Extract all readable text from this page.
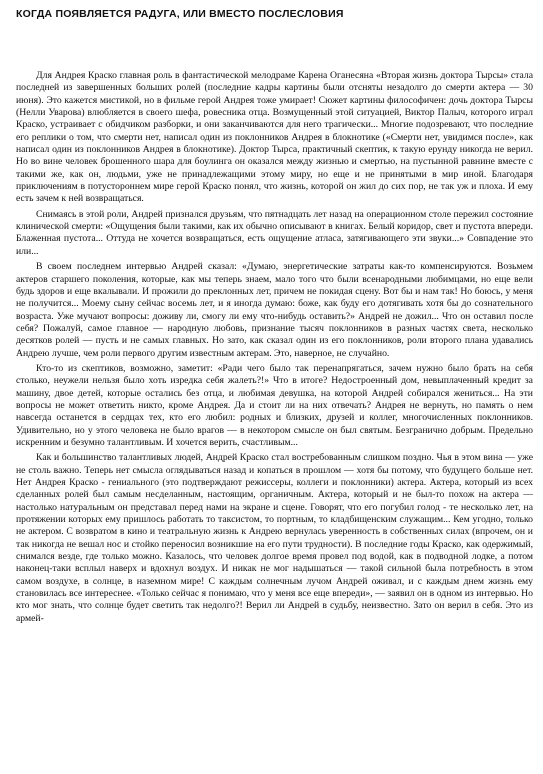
КОГДА ПОЯВЛЯЕТСЯ РАДУГА, ИЛИ ВМЕСТО ПОСЛЕСЛОВИЯ

Для Андрея Краско главная роль в фантастической мелодраме Карена Оганесяна «Вторая жизнь доктора Тырсы» стала последней из завершенных больших ролей (последние кадры картины были отсняты незадолго до смерти актера — 30 июня). Это кажется мистикой, но в фильме герой Андрея тоже умирает! Сюжет картины философичен: дочь доктора Тырсы (Нелли Уварова) влюбляется в своего шефа, ровесника отца. Возмущенный этой ситуацией, Виктор Палыч, которого играл Краско, устраивает с обидчиком разборки, и они заканчиваются для него трагически... Многие подозревают, что последние его реплики о том, что смерти нет, написал один из поклонников Андрея в блокнотике («Смерти нет, увидимся после», как написал один из поклонников Андрея в блокнотике). Доктор Тырса, практичный скептик, к такую ерунду никогда не верил. Но во вине человек брошенного шара для боулинга он оказался между жизнью и смертью, на пустынной равнине вместе с такими же, как он, людьми, уже не принадлежащими этому миру, но еще и не принятыми в мир иной. Благодаря приключениям в потустороннем мире герой Краско понял, что жизнь, которой он жил до сих пор, не так уж и плоха. И ему есть зачем к ней возвращаться.

Снимаясь в этой роли, Андрей признался друзьям, что пятнадцать лет назад на операционном столе пережил состояние клинической смерти: «Ощущения были такими, как их обычно описывают в книгах. Белый коридор, свет и пустота впереди. Блаженная пустота... Оттуда не хочется возвращаться, есть ощущение атласа, затягивающего эти звуки...» Совпадение это или...

В своем последнем интервью Андрей сказал: «Думаю, энергетические затраты как-то компенсируются. Возьмем актеров старшего поколения, которые, как мы теперь знаем, мало того что были всенародными любимцами, но еще вели будь здоров и еще вкалывали. И прожили до преклонных лет, причем не покидая сцену. Вот бы и нам так! Но боюсь, у меня не получится... Моему сыну сейчас восемь лет, и я иногда думаю: боже, как буду его дотягивать хотя бы до сознательного возраста. Уже мучают вопросы: доживу ли, смогу ли ему что-нибудь оставить?» Андрей не дожил... Что он оставил после себя? Пожалуй, самое главное — народную любовь, признание тысяч поклонников в разных частях света, несколько десятков ролей — пусть и не самых главных. Но зато, как сказал один из его поклонников, роли второго плана удавались Андрею лучше, чем роли первого другим известным актерам. Это, наверное, не случайно.

Кто-то из скептиков, возможно, заметит: «Ради чего было так перенапрягаться, зачем нужно было брать на себя столько, неужели нельзя было хоть изредка себя жалеть?!» Что в итоге? Недостроенный дом, невыплаченный кредит за машину, двое детей, которые остались без отца, и любимая девушка, на которой Андрей собирался жениться... На эти вопросы не может ответить никто, кроме Андрея. Да и стоит ли на них отвечать? Андрея не вернуть, но память о нем навсегда останется в сердцах тех, кто его любил: родных и близких, друзей и коллег, многочисленных поклонников. Удивительно, но у этого человека не было врагов — в некотором смысле он был святым. Безгранично добрым. Предельно искренним и безумно талантливым. И хочется верить, счастливым...

Как и большинство талантливых людей, Андрей Краско стал востребованным слишком поздно. Чья в этом вина — уже не столь важно. Теперь нет смысла оглядываться назад и копаться в прошлом — хотя бы потому, что будущего больше нет. Нет Андрея Краско - гениального (это подтверждают режиссеры, коллеги и поклонники) актера. Актера, который из всех сделанных ролей был самым несделанным, настоящим, органичным. Актера, который и не был-то похож на актера — настолько натуральным он представал перед нами на экране и сцене. Говорят, что его погубил голод - те несколько лет, на протяжении которых ему пришлось работать то таксистом, то портным, то кладбищенским служащим... Кем угодно, только не актером. С возвратом в кино и театральную жизнь к Андрею вернулась уверенность в собственных силах (впрочем, он и так никогда не вешал нос и стойко переносил возникшие на его пути трудности). В последние годы Краско, как одержимый, снимался везде, где только можно. Казалось, что человек долгое время провел под водой, как в подводной лодке, а потом наконец-таки всплыл наверх и вдохнул воздух. И никак не мог надышаться — такой сильной была потребность в этом самом воздухе, в солнце, в наземном мире! С каждым солнечным лучом Андрей оживал, и с каждым днем жизнь ему становилась все интереснее. «Только сейчас я понимаю, что у меня все еще впереди», — заявил он в одном из интервью. Но кто мог знать, что солнце будет светить так недолго?! Верил ли Андрей в судьбу, неизвестно. Зато он верил в себя. Это из армей-
